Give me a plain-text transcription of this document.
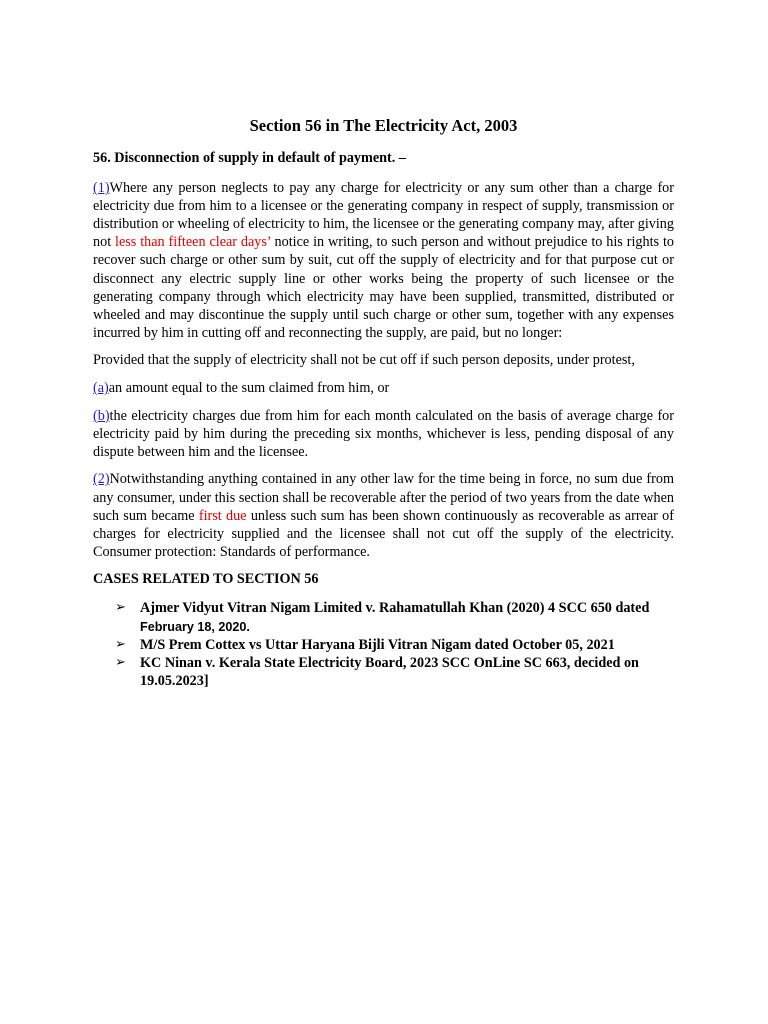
Section 56 in The Electricity Act, 2003
56. Disconnection of supply in default of payment. –

(1)Where any person neglects to pay any charge for electricity or any sum other than a charge for electricity due from him to a licensee or the generating company in respect of supply, transmission or distribution or wheeling of electricity to him, the licensee or the generating company may, after giving not less than fifteen clear days’ notice in writing, to such person and without prejudice to his rights to recover such charge or other sum by suit, cut off the supply of electricity and for that purpose cut or disconnect any electric supply line or other works being the property of such licensee or the generating company through which electricity may have been supplied, transmitted, distributed or wheeled and may discontinue the supply until such charge or other sum, together with any expenses incurred by him in cutting off and reconnecting the supply, are paid, but no longer:

Provided that the supply of electricity shall not be cut off if such person deposits, under protest,

(a)an amount equal to the sum claimed from him, or

(b)the electricity charges due from him for each month calculated on the basis of average charge for electricity paid by him during the preceding six months, whichever is less, pending disposal of any dispute between him and the licensee.

(2)Notwithstanding anything contained in any other law for the time being in force, no sum due from any consumer, under this section shall be recoverable after the period of two years from the date when such sum became first due unless such sum has been shown continuously as recoverable as arrear of charges for electricity supplied and the licensee shall not cut off the supply of the electricity. Consumer protection: Standards of performance.

CASES RELATED TO SECTION 56
➢ Ajmer Vidyut Vitran Nigam Limited v. Rahamatullah Khan (2020) 4 SCC 650 dated February 18, 2020.
➢ M/S Prem Cottex vs Uttar Haryana Bijli Vitran Nigam dated October 05, 2021
➢ KC Ninan v. Kerala State Electricity Board, 2023 SCC OnLine SC 663, decided on 19.05.2023]
